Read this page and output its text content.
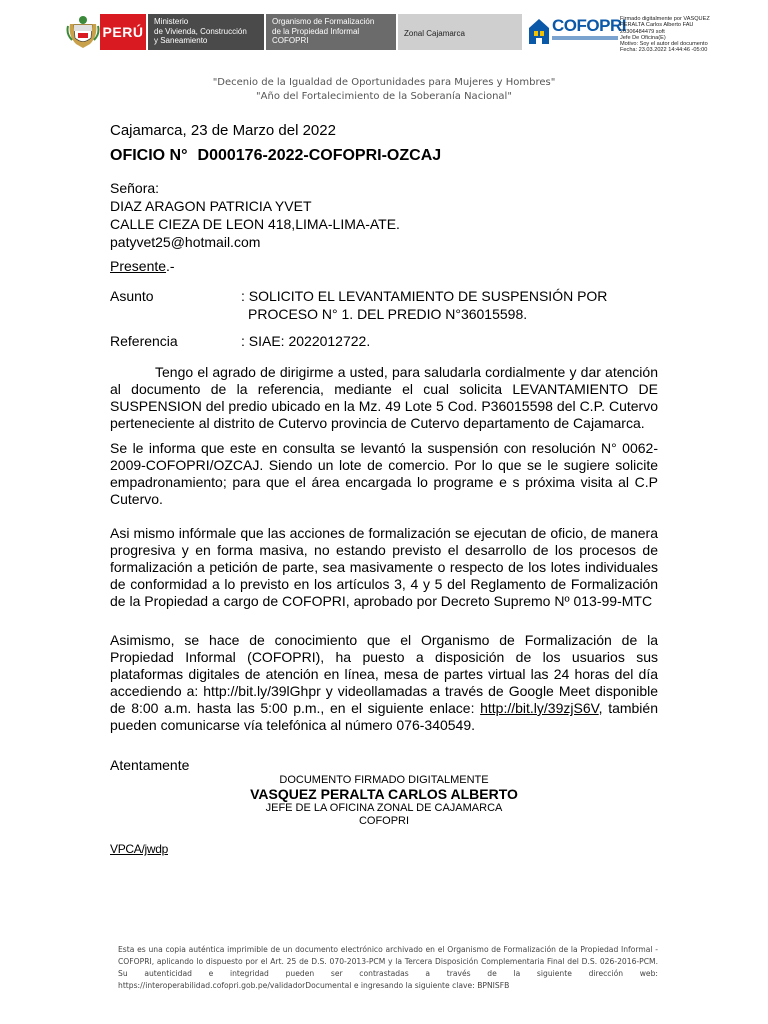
PERÚ
Ministerio
de Vivienda, Construcción
y Saneamiento
Organismo de Formalización
de la Propiedad Informal
COFOPRI
Zonal Cajamarca	COFOPRI
Firmado digitalmente por VASQUEZ
PERALTA Carlos Alberto FAU
20306484479 soft
Jefe De Oficina(E)
Motivo: Soy el autor del documento
Fecha: 23.03.2022 14:44:46 -05:00
"Decenio de la Igualdad de Oportunidades para Mujeres y Hombres"
"Año del Fortalecimiento de la Soberanía Nacional"
Cajamarca, 23 de Marzo del 2022
OFICIO N° D000176-2022-COFOPRI-OZCAJ
Señora:
DIAZ ARAGON PATRICIA YVET
CALLE CIEZA DE LEON 418,LIMA-LIMA-ATE.
patyvet25@hotmail.com
Presente.-
Asunto	: SOLICITO EL LEVANTAMIENTO DE SUSPENSIÓN POR
PROCESO N° 1. DEL PREDIO N°36015598.
Referencia	: SIAE: 2022012722.
Tengo el agrado de dirigirme a usted, para saludarla cordialmente y dar atención al documento de la referencia, mediante el cual solicita LEVANTAMIENTO DE SUSPENSION del predio ubicado en la Mz. 49 Lote 5 Cod. P36015598 del C.P. Cutervo perteneciente al distrito de Cutervo provincia de Cutervo departamento de Cajamarca.
Se le informa que este en consulta se levantó la suspensión con resolución N° 0062-2009-COFOPRI/OZCAJ. Siendo un lote de comercio. Por lo que se le sugiere solicite empadronamiento; para que el área encargada lo programe e s próxima visita al C.P Cutervo.
Asi mismo infórmale que las acciones de formalización se ejecutan de oficio, de manera progresiva y en forma masiva, no estando previsto el desarrollo de los procesos de formalización a petición de parte, sea masivamente o respecto de los lotes individuales de conformidad a lo previsto en los artículos 3, 4 y 5 del Reglamento de Formalización de la Propiedad a cargo de COFOPRI, aprobado por Decreto Supremo Nº 013-99-MTC
Asimismo, se hace de conocimiento que el Organismo de Formalización de la Propiedad Informal (COFOPRI), ha puesto a disposición de los usuarios sus plataformas digitales de atención en línea, mesa de partes virtual las 24 horas del día accediendo a: http://bit.ly/39lGhpr y videollamadas a través de Google Meet disponible de 8:00 a.m. hasta las 5:00 p.m., en el siguiente enlace: http://bit.ly/39zjS6V, también pueden comunicarse vía telefónica al número 076-340549.
Atentamente
DOCUMENTO FIRMADO DIGITALMENTE
VASQUEZ PERALTA CARLOS ALBERTO
JEFE DE LA OFICINA ZONAL DE CAJAMARCA
COFOPRI
VPCA/jwdp
Esta es una copia auténtica imprimible de un documento electrónico archivado en el Organismo de Formalización de la Propiedad Informal - COFOPRI, aplicando lo dispuesto por el Art. 25 de D.S. 070-2013-PCM y la Tercera Disposición Complementaria Final del D.S. 026-2016-PCM. Su autenticidad e integridad pueden ser contrastadas a través de la siguiente dirección web: https://interoperabilidad.cofopri.gob.pe/validadorDocumental e ingresando la siguiente clave: BPNISFB
